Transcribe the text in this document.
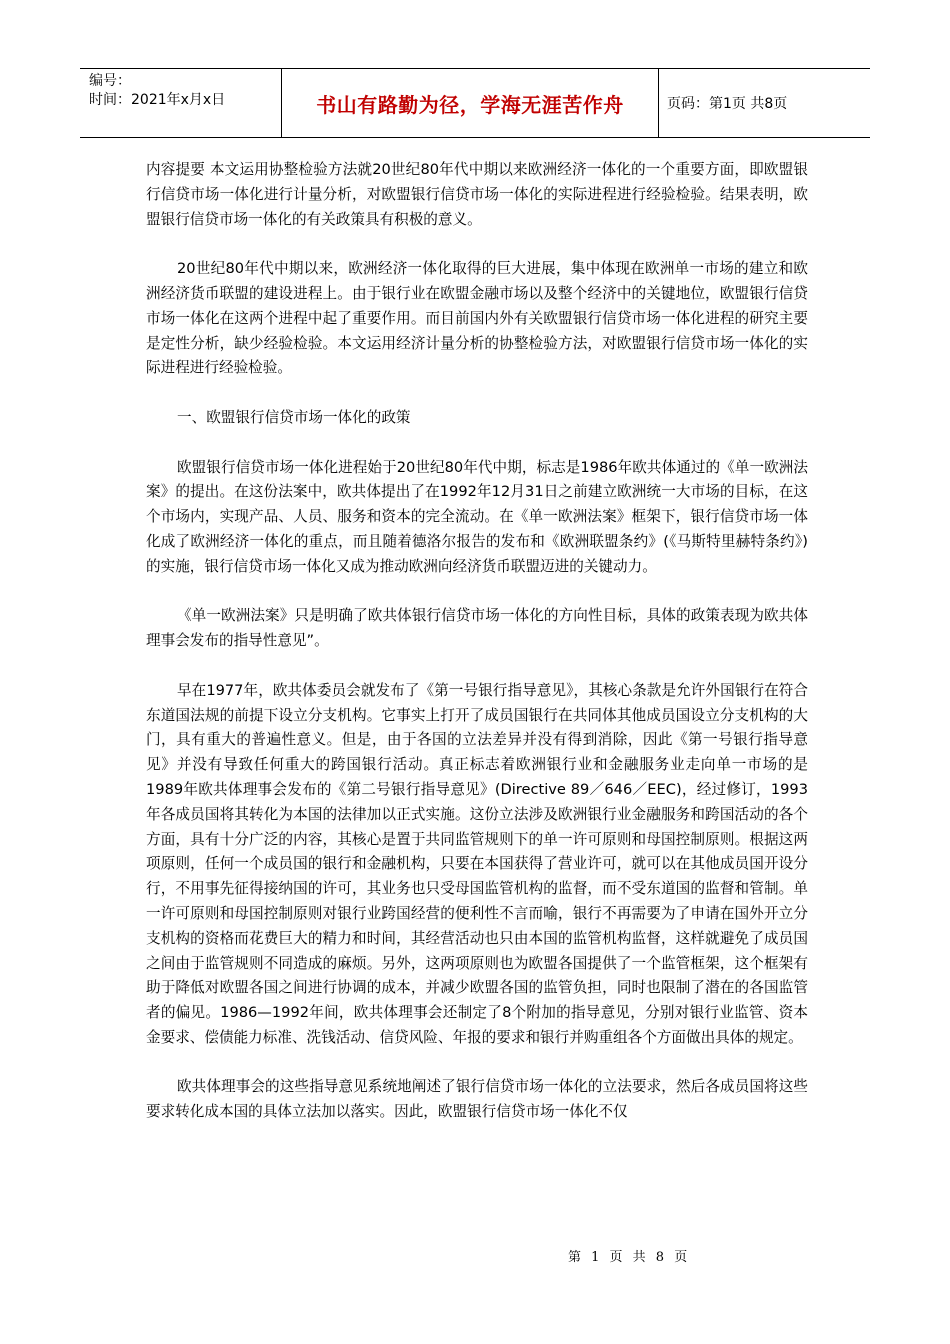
编号：
时间：2021年x月x日	书山有路勤为径，学海无涯苦作舟	页码：第1页 共8页

内容提要 本文运用协整检验方法就20世纪80年代中期以来欧洲经济一体化的一个重要方面，即欧盟银行信贷市场一体化进行计量分析，对欧盟银行信贷市场一体化的实际进程进行经验检验。结果表明，欧盟银行信贷市场一体化的有关政策具有积极的意义。

20世纪80年代中期以来，欧洲经济一体化取得的巨大进展，集中体现在欧洲单一市场的建立和欧洲经济货币联盟的建设进程上。由于银行业在欧盟金融市场以及整个经济中的关键地位，欧盟银行信贷市场一体化在这两个进程中起了重要作用。而目前国内外有关欧盟银行信贷市场一体化进程的研究主要是定性分析，缺少经验检验。本文运用经济计量分析的协整检验方法，对欧盟银行信贷市场一体化的实际进程进行经验检验。

一、欧盟银行信贷市场一体化的政策

欧盟银行信贷市场一体化进程始于20世纪80年代中期，标志是1986年欧共体通过的《单一欧洲法案》的提出。在这份法案中，欧共体提出了在1992年12月31日之前建立欧洲统一大市场的目标，在这个市场内，实现产品、人员、服务和资本的完全流动。在《单一欧洲法案》框架下，银行信贷市场一体化成了欧洲经济一体化的重点，而且随着德洛尔报告的发布和《欧洲联盟条约》(《马斯特里赫特条约》)的实施，银行信贷市场一体化又成为推动欧洲向经济货币联盟迈进的关键动力。

《单一欧洲法案》只是明确了欧共体银行信贷市场一体化的方向性目标，具体的政策表现为欧共体理事会发布的指导性意见”。

早在1977年，欧共体委员会就发布了《第一号银行指导意见》，其核心条款是允许外国银行在符合东道国法规的前提下设立分支机构。它事实上打开了成员国银行在共同体其他成员国设立分支机构的大门，具有重大的普遍性意义。但是，由于各国的立法差异并没有得到消除，因此《第一号银行指导意见》并没有导致任何重大的跨国银行活动。真正标志着欧洲银行业和金融服务业走向单一市场的是1989年欧共体理事会发布的《第二号银行指导意见》(Directive 89／646／EEC)，经过修订，1993年各成员国将其转化为本国的法律加以正式实施。这份立法涉及欧洲银行业金融服务和跨国活动的各个方面，具有十分广泛的内容，其核心是置于共同监管规则下的单一许可原则和母国控制原则。根据这两项原则，任何一个成员国的银行和金融机构，只要在本国获得了营业许可，就可以在其他成员国开设分行，不用事先征得接纳国的许可，其业务也只受母国监管机构的监督，而不受东道国的监督和管制。单一许可原则和母国控制原则对银行业跨国经营的便利性不言而喻，银行不再需要为了申请在国外开立分支机构的资格而花费巨大的精力和时间，其经营活动也只由本国的监管机构监督，这样就避免了成员国之间由于监管规则不同造成的麻烦。另外，这两项原则也为欧盟各国提供了一个监管框架，这个框架有助于降低对欧盟各国之间进行协调的成本，并减少欧盟各国的监管负担，同时也限制了潜在的各国监管者的偏见。1986—1992年间，欧共体理事会还制定了8个附加的指导意见，分别对银行业监管、资本金要求、偿债能力标准、洗钱活动、信贷风险、年报的要求和银行并购重组各个方面做出具体的规定。

欧共体理事会的这些指导意见系统地阐述了银行信贷市场一体化的立法要求，然后各成员国将这些要求转化成本国的具体立法加以落实。因此，欧盟银行信贷市场一体化不仅

第 1 页 共 8 页
